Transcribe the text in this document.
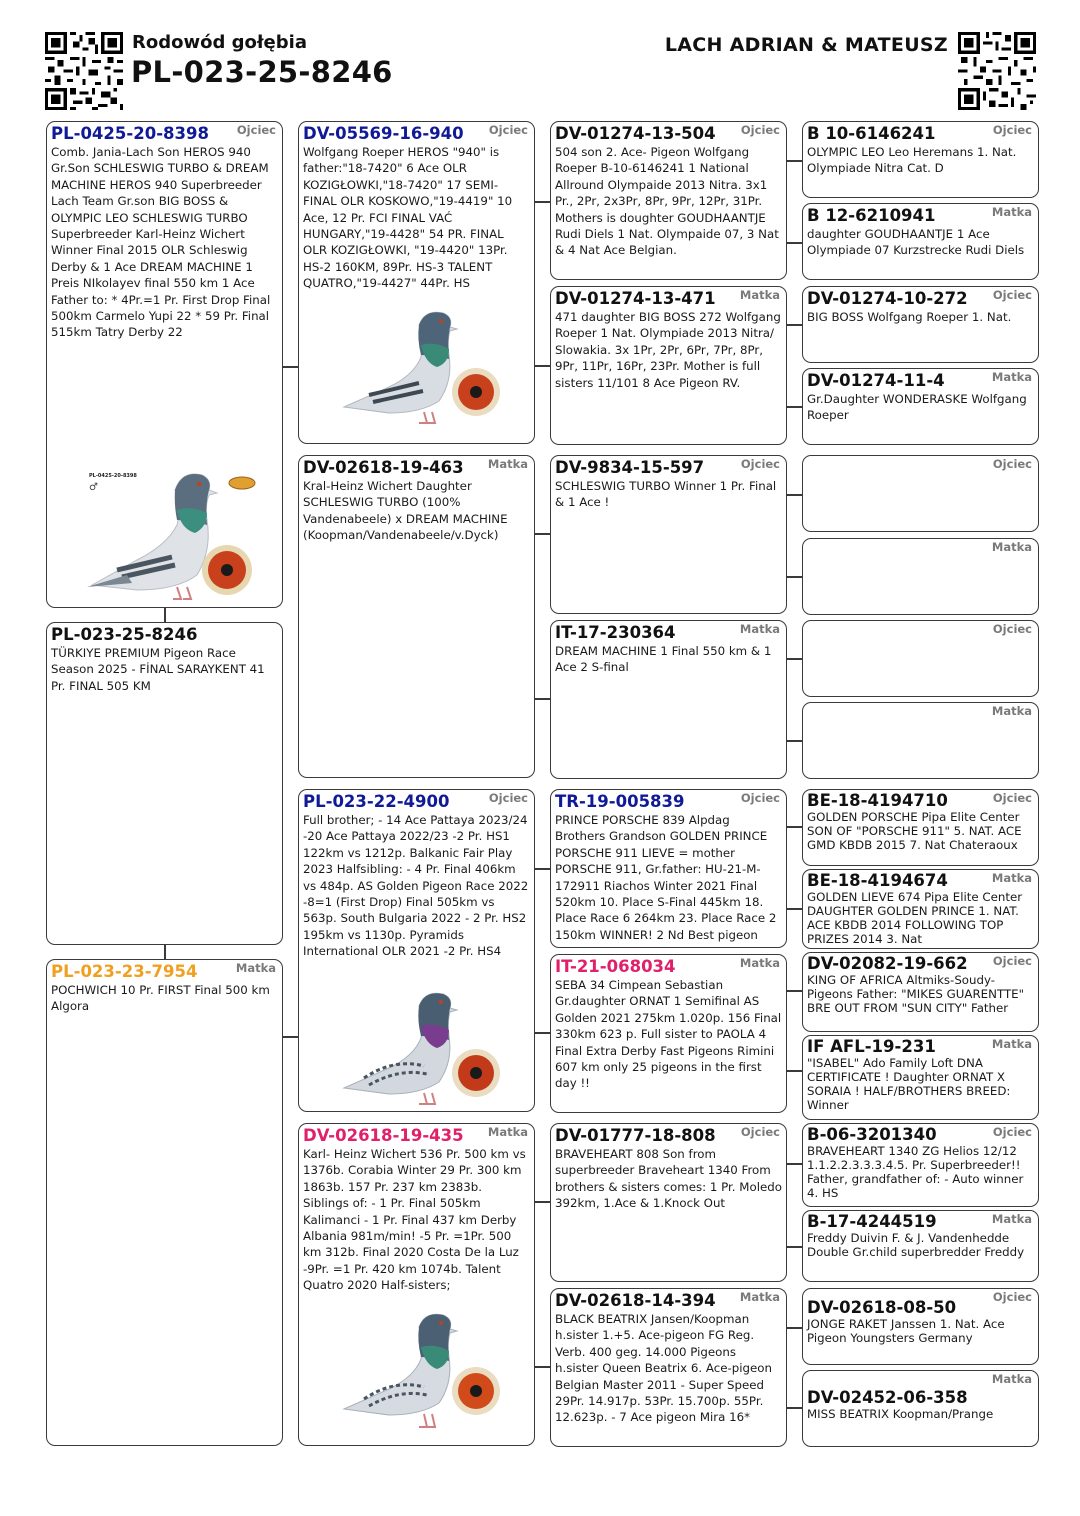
Rodowód gołębia
PL-023-25-8246
LACH ADRIAN & MATEUSZ
Ojciec
PL-0425-20-8398
Comb. Jania-Lach Son HEROS 940 Gr.Son SCHLESWIG TURBO & DREAM MACHINE HEROS 940 Superbreeder Lach Team Gr.son BIG BOSS & OLYMPIC LEO SCHLESWIG TURBO Superbreeder Karl-Heinz Wichert Winner Final 2015 OLR Schleswig Derby & 1 Ace DREAM MACHINE 1 Preis NIkolayev final 550 km 1 Ace Father to: * 4Pr.=1 Pr. First Drop Final 500km Carmelo Yupi 22 * 59 Pr. Final 515km Tatry Derby 22
PL-0425-20-8398
♂
PL-023-25-8246
TÜRKIYE PREMIUM Pigeon Race Season 2025 - FİNAL SARAYKENT 41 Pr. FINAL 505 KM
Matka
PL-023-23-7954
POCHWICH 10 Pr. FIRST Final 500 km Algora
Ojciec
DV-05569-16-940
Wolfgang Roeper HEROS "940" is father:"18-7420" 6 Ace OLR KOZIGŁOWKI,"18-7420" 17 SEMI-FINAL OLR KOSKOWO,"19-4419" 10 Ace, 12 Pr. FCI FINAL VAĆ HUNGARY,"19-4428" 54 PR. FINAL OLR KOZIGŁOWKI, "19-4420" 13Pr. HS-2 160KM, 89Pr. HS-3 TALENT QUATRO,"19-4427" 44Pr. HS
Matka
DV-02618-19-463
Kral-Heinz Wichert Daughter SCHLESWIG TURBO (100% Vandenabeele) x DREAM MACHINE (Koopman/Vandenabeele/v.Dyck)
Ojciec
PL-023-22-4900
Full brother; - 14 Ace Pattaya 2023/24 -20 Ace Pattaya 2022/23 -2 Pr. HS1 122km vs 1212p. Balkanic Fair Play 2023 Halfsibling: - 4 Pr. Final 406km vs 484p. AS Golden Pigeon Race 2022 -8=1 (First Drop) Final 505km vs 563p. South Bulgaria 2022 - 2 Pr. HS2 195km vs 1130p. Pyramids International OLR 2021 -2 Pr. HS4
Matka
DV-02618-19-435
Karl- Heinz Wichert 536 Pr. 500 km vs 1376b. Corabia Winter 29 Pr. 300 km 1863b. 157 Pr. 237 km 2383b. Siblings of: - 1 Pr. Final 505km Kalimanci - 1 Pr. Final 437 km Derby Albania 981m/min! -5 Pr. =1Pr. 500 km 312b. Final 2020 Costa De la Luz -9Pr. =1 Pr. 420 km 1074b. Talent Quatro 2020 Half-sisters;
Ojciec
DV-01274-13-504
504 son 2. Ace- Pigeon Wolfgang Roeper B-10-6146241 1 National Allround Olympaide 2013 Nitra. 3x1 Pr., 2Pr, 2x3Pr, 8Pr, 9Pr, 12Pr, 31Pr. Mothers is doughter GOUDHAANTJE Rudi Diels 1 Nat. Olympaide 07, 3 Nat & 4 Nat Ace Belgian.
Matka
DV-01274-13-471
471 daughter BIG BOSS 272 Wolfgang Roeper 1 Nat. Olympiade 2013 Nitra/ Slowakia. 3x 1Pr, 2Pr, 6Pr, 7Pr, 8Pr, 9Pr, 11Pr, 16Pr, 23Pr. Mother is full sisters 11/101 8 Ace Pigeon RV.
Ojciec
DV-9834-15-597
SCHLESWIG TURBO Winner 1 Pr. Final & 1 Ace !
Matka
IT-17-230364
DREAM MACHINE 1 Final 550 km & 1 Ace 2 S-final
Ojciec
TR-19-005839
PRINCE PORSCHE 839 Alpdag Brothers Grandson GOLDEN PRINCE PORSCHE 911 LIEVE = mother PORSCHE 911, Gr.father: HU-21-M-172911 Riachos Winter 2021 Final 520km 10. Place S-Final 445km 18. Place Race 6 264km 23. Place Race 2 150km WINNER! 2 Nd Best pigeon
Matka
IT-21-068034
SEBA 34 Cimpean Sebastian Gr.daughter ORNAT 1 Semifinal AS Golden 2021 275km 1.020p. 156 Final 330km 623 p. Full sister to PAOLA 4 Final Extra Derby Fast Pigeons Rimini 607 km only 25 pigeons in the first day !!
Ojciec
DV-01777-18-808
BRAVEHEART 808 Son from superbreeder Braveheart 1340 From brothers & sisters comes: 1 Pr. Moledo 392km, 1.Ace & 1.Knock Out
Matka
DV-02618-14-394
BLACK BEATRIX Jansen/Koopman h.sister 1.+5. Ace-pigeon FG Reg. Verb. 400 geg. 14.000 Pigeons h.sister Queen Beatrix 6. Ace-pigeon Belgian Master 2011 - Super Speed 29Pr. 14.917p. 53Pr. 15.700p. 55Pr. 12.623p. - 7 Ace pigeon Mira 16*
Ojciec
B 10-6146241
OLYMPIC LEO Leo Heremans 1. Nat. Olympiade Nitra Cat. D
Matka
B 12-6210941
daughter GOUDHAANTJE 1 Ace Olympiade 07 Kurzstrecke Rudi Diels
Ojciec
DV-01274-10-272
BIG BOSS Wolfgang Roeper 1. Nat.
Matka
DV-01274-11-4
Gr.Daughter WONDERASKE Wolfgang Roeper
Ojciec
Matka
Ojciec
Matka
Ojciec
BE-18-4194710
GOLDEN PORSCHE Pipa Elite Center SON OF "PORSCHE 911" 5. NAT. ACE GMD KBDB 2015 7. Nat Chateraoux
Matka
BE-18-4194674
GOLDEN LIEVE 674 Pipa Elite Center DAUGHTER GOLDEN PRINCE 1. NAT. ACE KBDB 2014 FOLLOWING TOP PRIZES 2014 3. Nat
Ojciec
DV-02082-19-662
KING OF AFRICA Altmiks-Soudy-Pigeons Father: "MIKES GUARENTTE" BRE OUT FROM "SUN CITY" Father
Matka
IF AFL-19-231
"ISABEL" Ado Family Loft DNA CERTIFICATE ! Daughter ORNAT X SORAIA ! HALF/BROTHERS BREED: Winner
Ojciec
B-06-3201340
BRAVEHEART 1340 ZG Helios 12/12 1.1.2.2.3.3.3.4.5. Pr. Superbreeder!! Father, grandfather of: - Auto winner 4. HS
Matka
B-17-4244519
Freddy Duivin F. & J. Vandenhedde Double Gr.child superbredder Freddy
Ojciec
DV-02618-08-50
JONGE RAKET Janssen 1. Nat. Ace Pigeon Youngsters Germany
Matka
DV-02452-06-358
MISS BEATRIX Koopman/Prange
